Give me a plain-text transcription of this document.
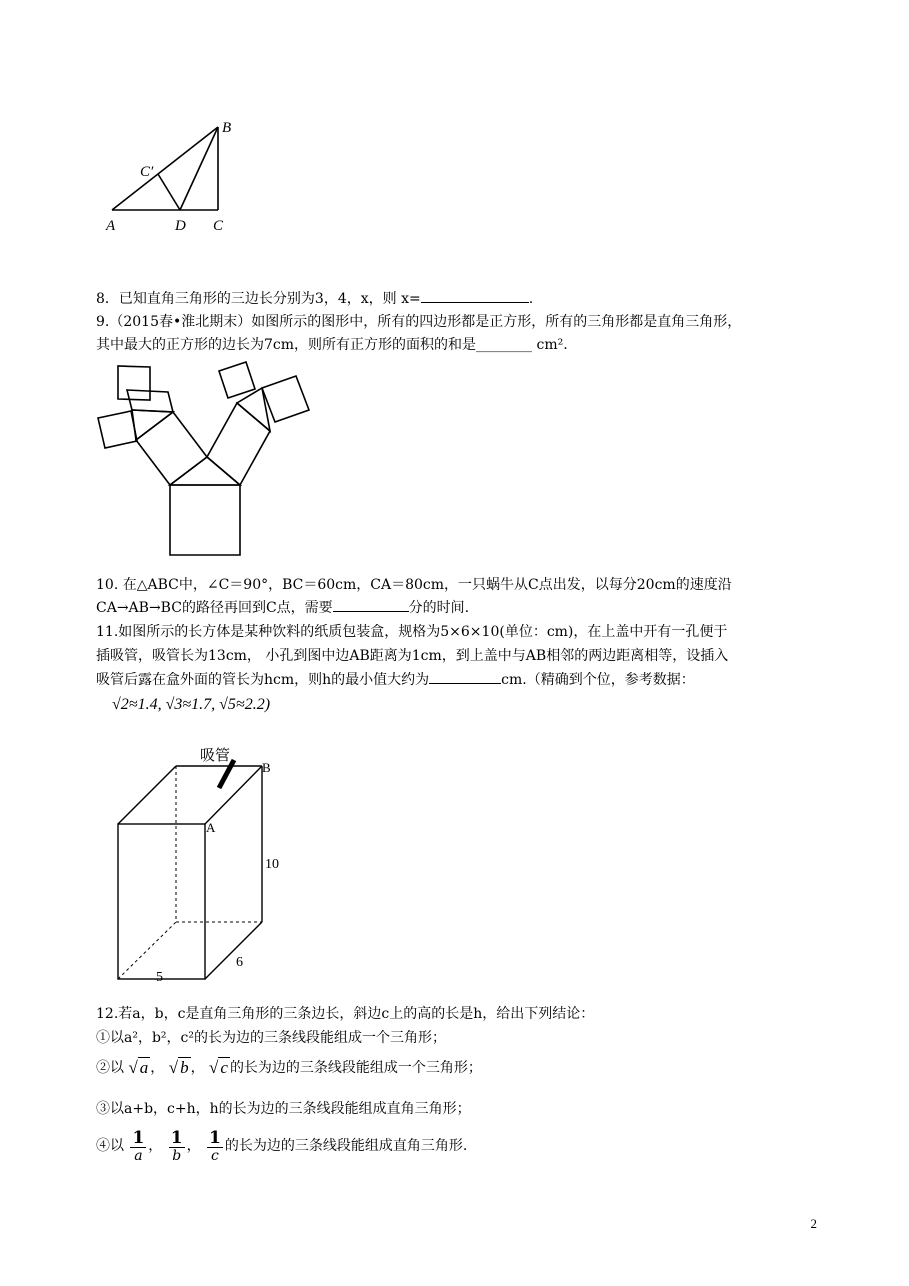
B
C′
A	D C
8．已知直角三角形的三边长分别为3，4，x，则 x=	.
9.（2015春•淮北期末）如图所示的图形中，所有的四边形都是正方形，所有的三角形都是直角三角形，
其中最大的正方形的边长为7cm，则所有正方形的面积的和是________ cm².
10. 在△ABC中，∠C＝90°，BC＝60cm，CA＝80cm，一只蜗牛从C点出发，以每分20cm的速度沿
CA→AB→BC的路径再回到C点，需要	分的时间.
11.如图所示的长方体是某种饮料的纸质包装盒，规格为5×6×10(单位：cm)，在上盖中开有一孔便于
插吸管，吸管长为13cm， 小孔到图中边AB距离为1cm，到上盖中与AB相邻的两边距离相等，设插入
吸管后露在盒外面的管长为hcm，则h的最小值大约为	cm.（精确到个位，参考数据：
√2≈1.4, √3≈1.7, √5≈2.2)
吸管
B
A
10
6
5
12.若a，b，c是直角三角形的三条边长，斜边c上的高的长是h，给出下列结论：
①以a²，b²，c²的长为边的三条线段能组成一个三角形；
②以 √ a ， √ b ， √ c 的长为边的三条线段能组成一个三角形；
③以a+b，c+h，h的长为边的三条线段能组成直角三角形；
④以 $\frac{1}{a}$ ， $\frac{1}{b}$ ， $\frac{1}{c}$ 的长为边的三条线段能组成直角三角形.
2
